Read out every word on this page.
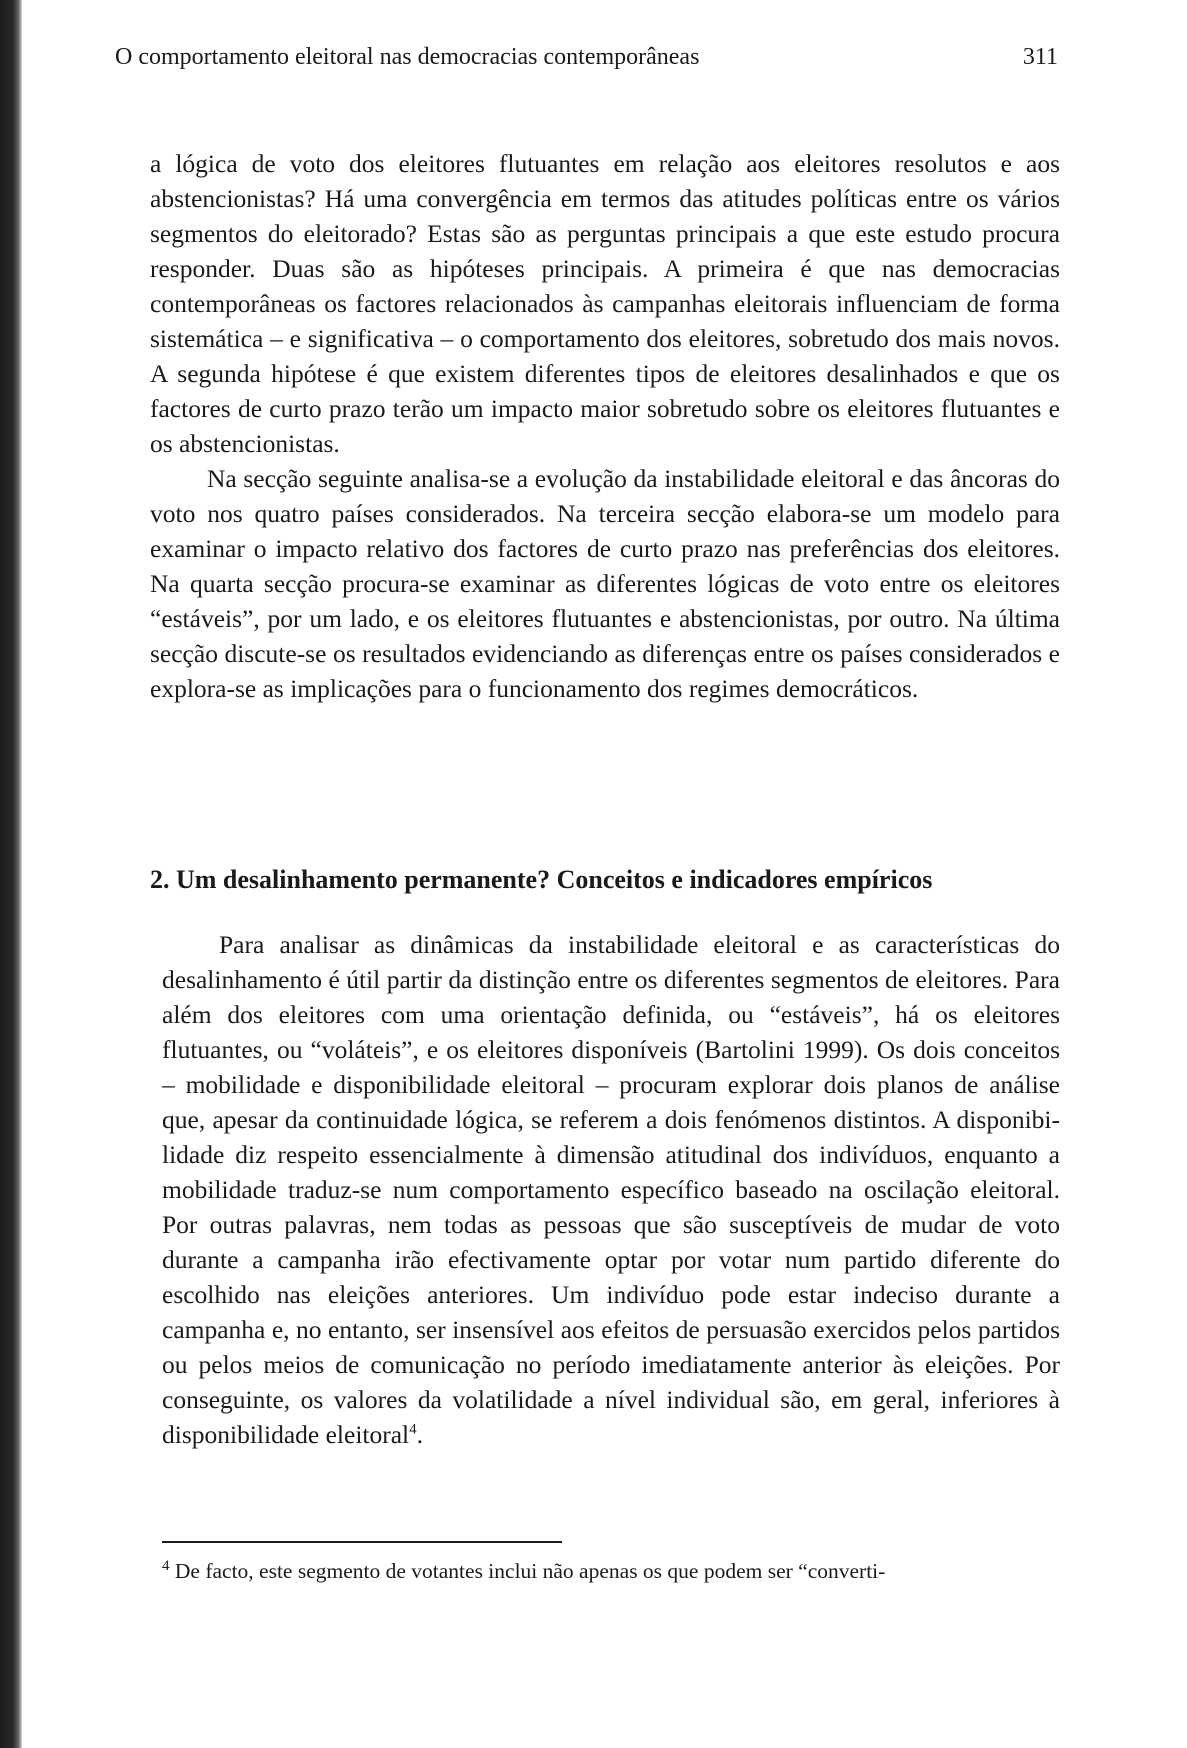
O comportamento eleitoral nas democracias contemporâneas	311

a lógica de voto dos eleitores flutuantes em relação aos eleitores resolutos e aos abstencionistas? Há uma convergência em termos das atitudes políticas entre os vários segmentos do eleitorado? Estas são as perguntas principais a que este estudo procura responder. Duas são as hipóteses principais. A primeira é que nas democracias contemporâneas os factores relacionados às campanhas eleitorais influenciam de forma sistemática – e significativa – o comportamento dos eleitores, sobretudo dos mais novos. A segunda hipótese é que existem diferentes tipos de eleitores desalinhados e que os factores de curto prazo terão um impacto maior sobretudo sobre os eleitores flutuantes e os abstencionistas.

Na secção seguinte analisa-se a evolução da instabilidade eleitoral e das âncoras do voto nos quatro países considerados. Na terceira secção elabora-se um modelo para examinar o impacto relativo dos factores de curto prazo nas preferências dos eleitores. Na quarta secção procura-se examinar as diferentes lógicas de voto entre os eleitores “estáveis”, por um lado, e os eleitores flutuantes e abstencionistas, por outro. Na última secção discute-se os resultados evidenciando as diferenças entre os países considerados e explora-se as implicações para o funcionamento dos regimes democráticos.

2. Um desalinhamento permanente? Conceitos e indicadores empíricos

Para analisar as dinâmicas da instabilidade eleitoral e as características do desalinhamento é útil partir da distinção entre os diferentes segmentos de eleitores. Para além dos eleitores com uma orientação definida, ou “estáveis”, há os eleitores flutuantes, ou “voláteis”, e os eleitores disponíveis (Bartolini 1999). Os dois conceitos – mobilidade e disponibilidade eleitoral – procuram explorar dois planos de análise que, apesar da continuidade lógica, se referem a dois fenómenos distintos. A disponibilidade diz respeito essencialmente à dimensão atitudinal dos indivíduos, enquanto a mobilidade traduz-se num comportamento específico baseado na oscilação eleitoral. Por outras palavras, nem todas as pessoas que são susceptíveis de mudar de voto durante a campanha irão efectivamente optar por votar num partido diferente do escolhido nas eleições anteriores. Um indivíduo pode estar indeciso durante a campanha e, no entanto, ser insensível aos efeitos de persuasão exercidos pelos partidos ou pelos meios de comunicação no período imediatamente anterior às eleições. Por conseguinte, os valores da volatilidade a nível individual são, em geral, inferiores à disponibilidade eleitoral$^4$.

$^4$ De facto, este segmento de votantes inclui não apenas os que podem ser “converti-
